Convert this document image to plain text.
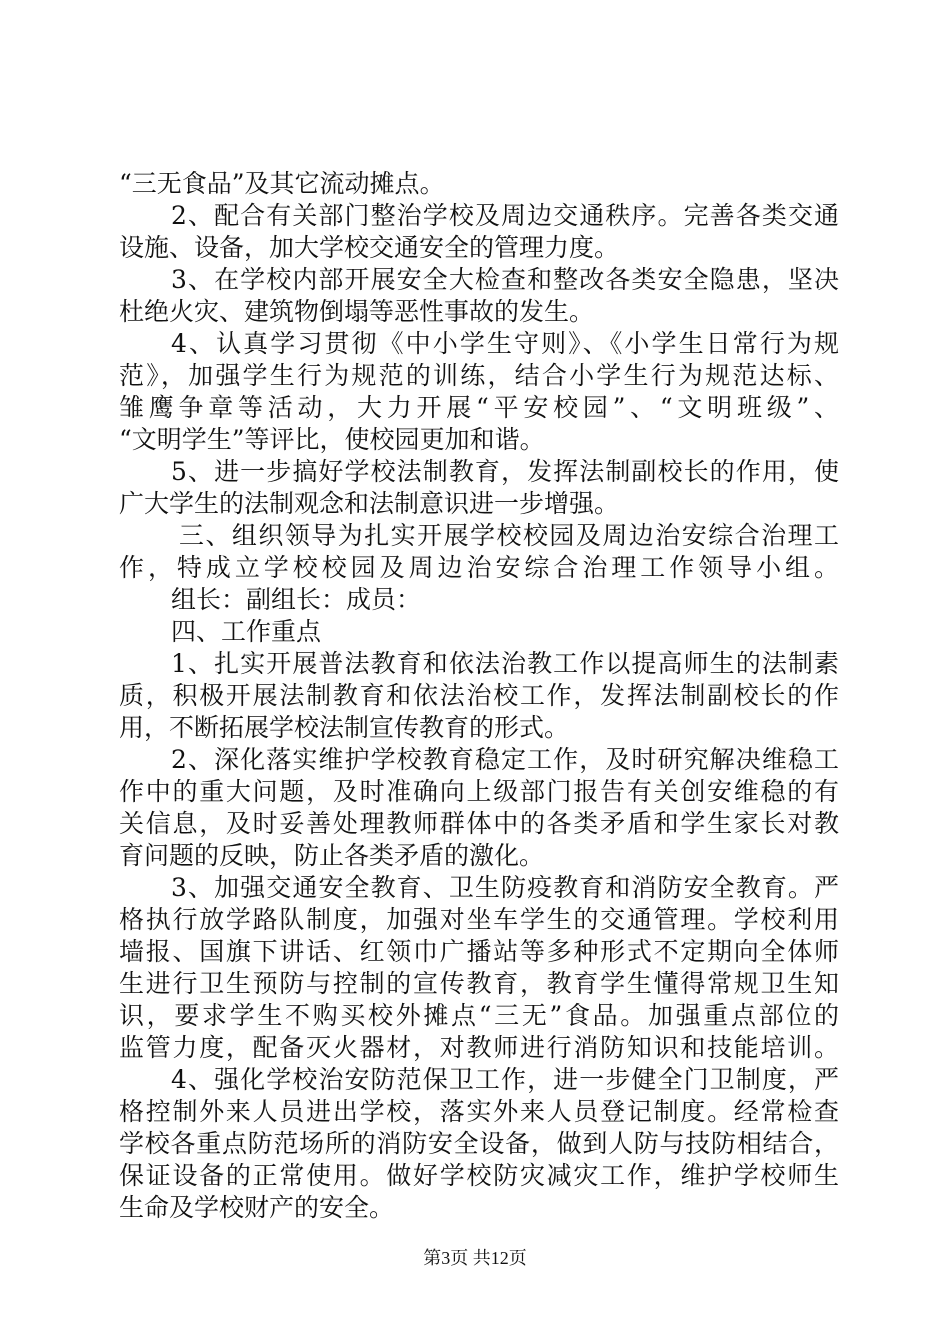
“三无食品”及其它流动摊点。
2、配合有关部门整治学校及周边交通秩序。完善各类交通
设施、设备，加大学校交通安全的管理力度。
3、在学校内部开展安全大检查和整改各类安全隐患，坚决
杜绝火灾、建筑物倒塌等恶性事故的发生。
4、认真学习贯彻《中小学生守则》、《小学生日常行为规
范》，加强学生行为规范的训练，结合小学生行为规范达标、
雏鹰争章等活动，大力开展“平安校园”、“文明班级”、
“文明学生”等评比，使校园更加和谐。
5、进一步搞好学校法制教育，发挥法制副校长的作用，使
广大学生的法制观念和法制意识进一步增强。
三、组织领导为扎实开展学校校园及周边治安综合治理工
作，特成立学校校园及周边治安综合治理工作领导小组。
组长：副组长：成员：
四、工作重点
1、扎实开展普法教育和依法治教工作以提高师生的法制素
质，积极开展法制教育和依法治校工作，发挥法制副校长的作
用，不断拓展学校法制宣传教育的形式。
2、深化落实维护学校教育稳定工作，及时研究解决维稳工
作中的重大问题，及时准确向上级部门报告有关创安维稳的有
关信息，及时妥善处理教师群体中的各类矛盾和学生家长对教
育问题的反映，防止各类矛盾的激化。
3、加强交通安全教育、卫生防疫教育和消防安全教育。严
格执行放学路队制度，加强对坐车学生的交通管理。学校利用
墙报、国旗下讲话、红领巾广播站等多种形式不定期向全体师
生进行卫生预防与控制的宣传教育，教育学生懂得常规卫生知
识，要求学生不购买校外摊点“三无”食品。加强重点部位的
监管力度，配备灭火器材，对教师进行消防知识和技能培训。
4、强化学校治安防范保卫工作，进一步健全门卫制度，严
格控制外来人员进出学校，落实外来人员登记制度。经常检查
学校各重点防范场所的消防安全设备，做到人防与技防相结合，
保证设备的正常使用。做好学校防灾减灾工作，维护学校师生
生命及学校财产的安全。
第3页 共12页
